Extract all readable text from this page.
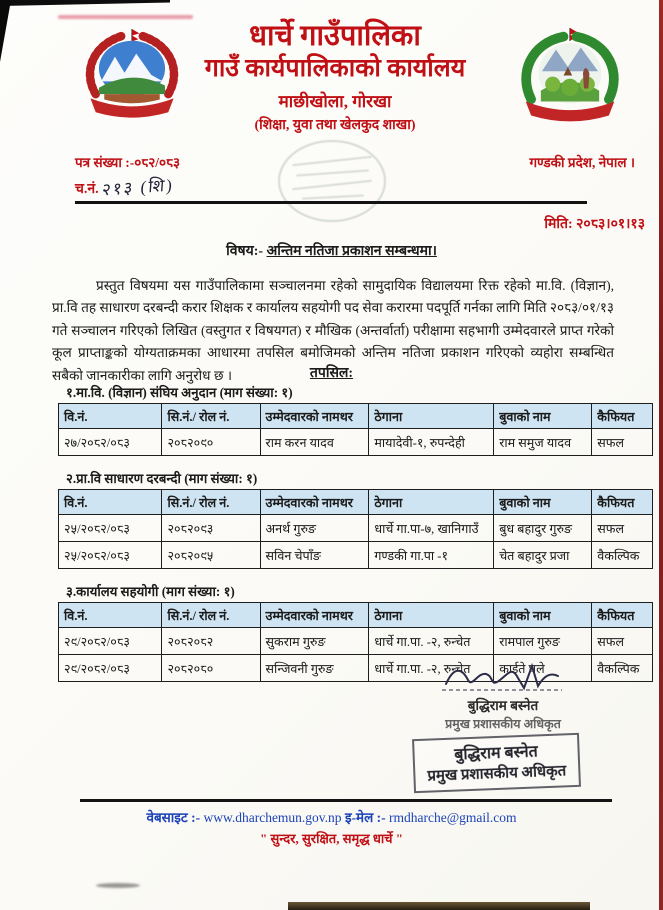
धार्चे गाउँपालिका
गाउँ कार्यपालिकाको कार्यालय
माछीखोला, गोरखा
(शिक्षा, युवा तथा खेलकुद शाखा)
पत्र संख्या :-०८२/०८३	गण्डकी प्रदेश, नेपाल ।
च.नं. २१३ (शि)
मिति: २०८३।०१।१३
विषय:- अन्तिम नतिजा प्रकाशन सम्बन्धमा।

प्रस्तुत विषयमा यस गाउँपालिकामा सञ्चालनमा रहेको सामुदायिक विद्यालयमा रिक्त रहेको मा.वि. (विज्ञान), प्रा.वि तह साधारण दरबन्दी करार शिक्षक र कार्यालय सहयोगी पद सेवा करारमा पदपूर्ति गर्नका लागि मिति २०८३/०१/१३ गते सञ्चालन गरिएको लिखित (वस्तुगत र विषयगत) र मौखिक (अन्तर्वार्ता) परीक्षामा सहभागी उम्मेदवारले प्राप्त गरेको कूल प्राप्ताङ्कको योग्यताक्रमका आधारमा तपसिल बमोजिमको अन्तिम नतिजा प्रकाशन गरिएको व्यहोरा सम्बन्धित सबैको जानकारीका लागि अनुरोध छ ।	तपसिल:
१.मा.वि. (विज्ञान) संघिय अनुदान (माग संख्या: १)
वि.नं.	सि.नं./ रोल नं.	उम्मेदवारको नामथर	ठेगाना	बुवाको नाम	कैफियत
२७/२०८२/०८३	२०८२०९०	राम करन यादव	मायादेवी-१, रुपन्देही	राम समुज यादव	सफल
२.प्रा.वि साधारण दरबन्दी (माग संख्या: १)
वि.नं.	सि.नं./ रोल नं.	उम्मेदवारको नामथर	ठेगाना	बुवाको नाम	कैफियत
२५/२०८२/०८३	२०८२०९३	अनर्थ गुरुङ	धार्चे गा.पा-७, खानिगाउँ	बुध बहादुर गुरुङ	सफल
२५/२०८२/०८३	२०८२०९५	सविन चेपाँङ	गण्डकी गा.पा -१	चेत बहादुर प्रजा	वैकल्पिक
३.कार्यालय सहयोगी (माग संख्या: १)
वि.नं.	सि.नं./ रोल नं.	उम्मेदवारको नामथर	ठेगाना	बुवाको नाम	कैफियत
२९/२०८२/०८३	२०८२०८२	सुकराम गुरुङ	धार्चे गा.पा. -२, रुन्चेत	रामपाल गुरुङ	सफल
२९/२०८२/०८३	२०८२०८०	सन्जिवनी गुरुङ	धार्चे गा.पा. -२, रुन्चेत	काईते घले	वैकल्पिक
बुद्धिराम बस्नेत
प्रमुख प्रशासकीय अधिकृत
बुद्धिराम बस्नेत
प्रमुख प्रशासकीय अधिकृत
वेबसाइट :- www.dharchemun.gov.np इ-मेल :- rmdharche@gmail.com
" सुन्दर, सुरक्षित, समृद्ध धार्चे "
